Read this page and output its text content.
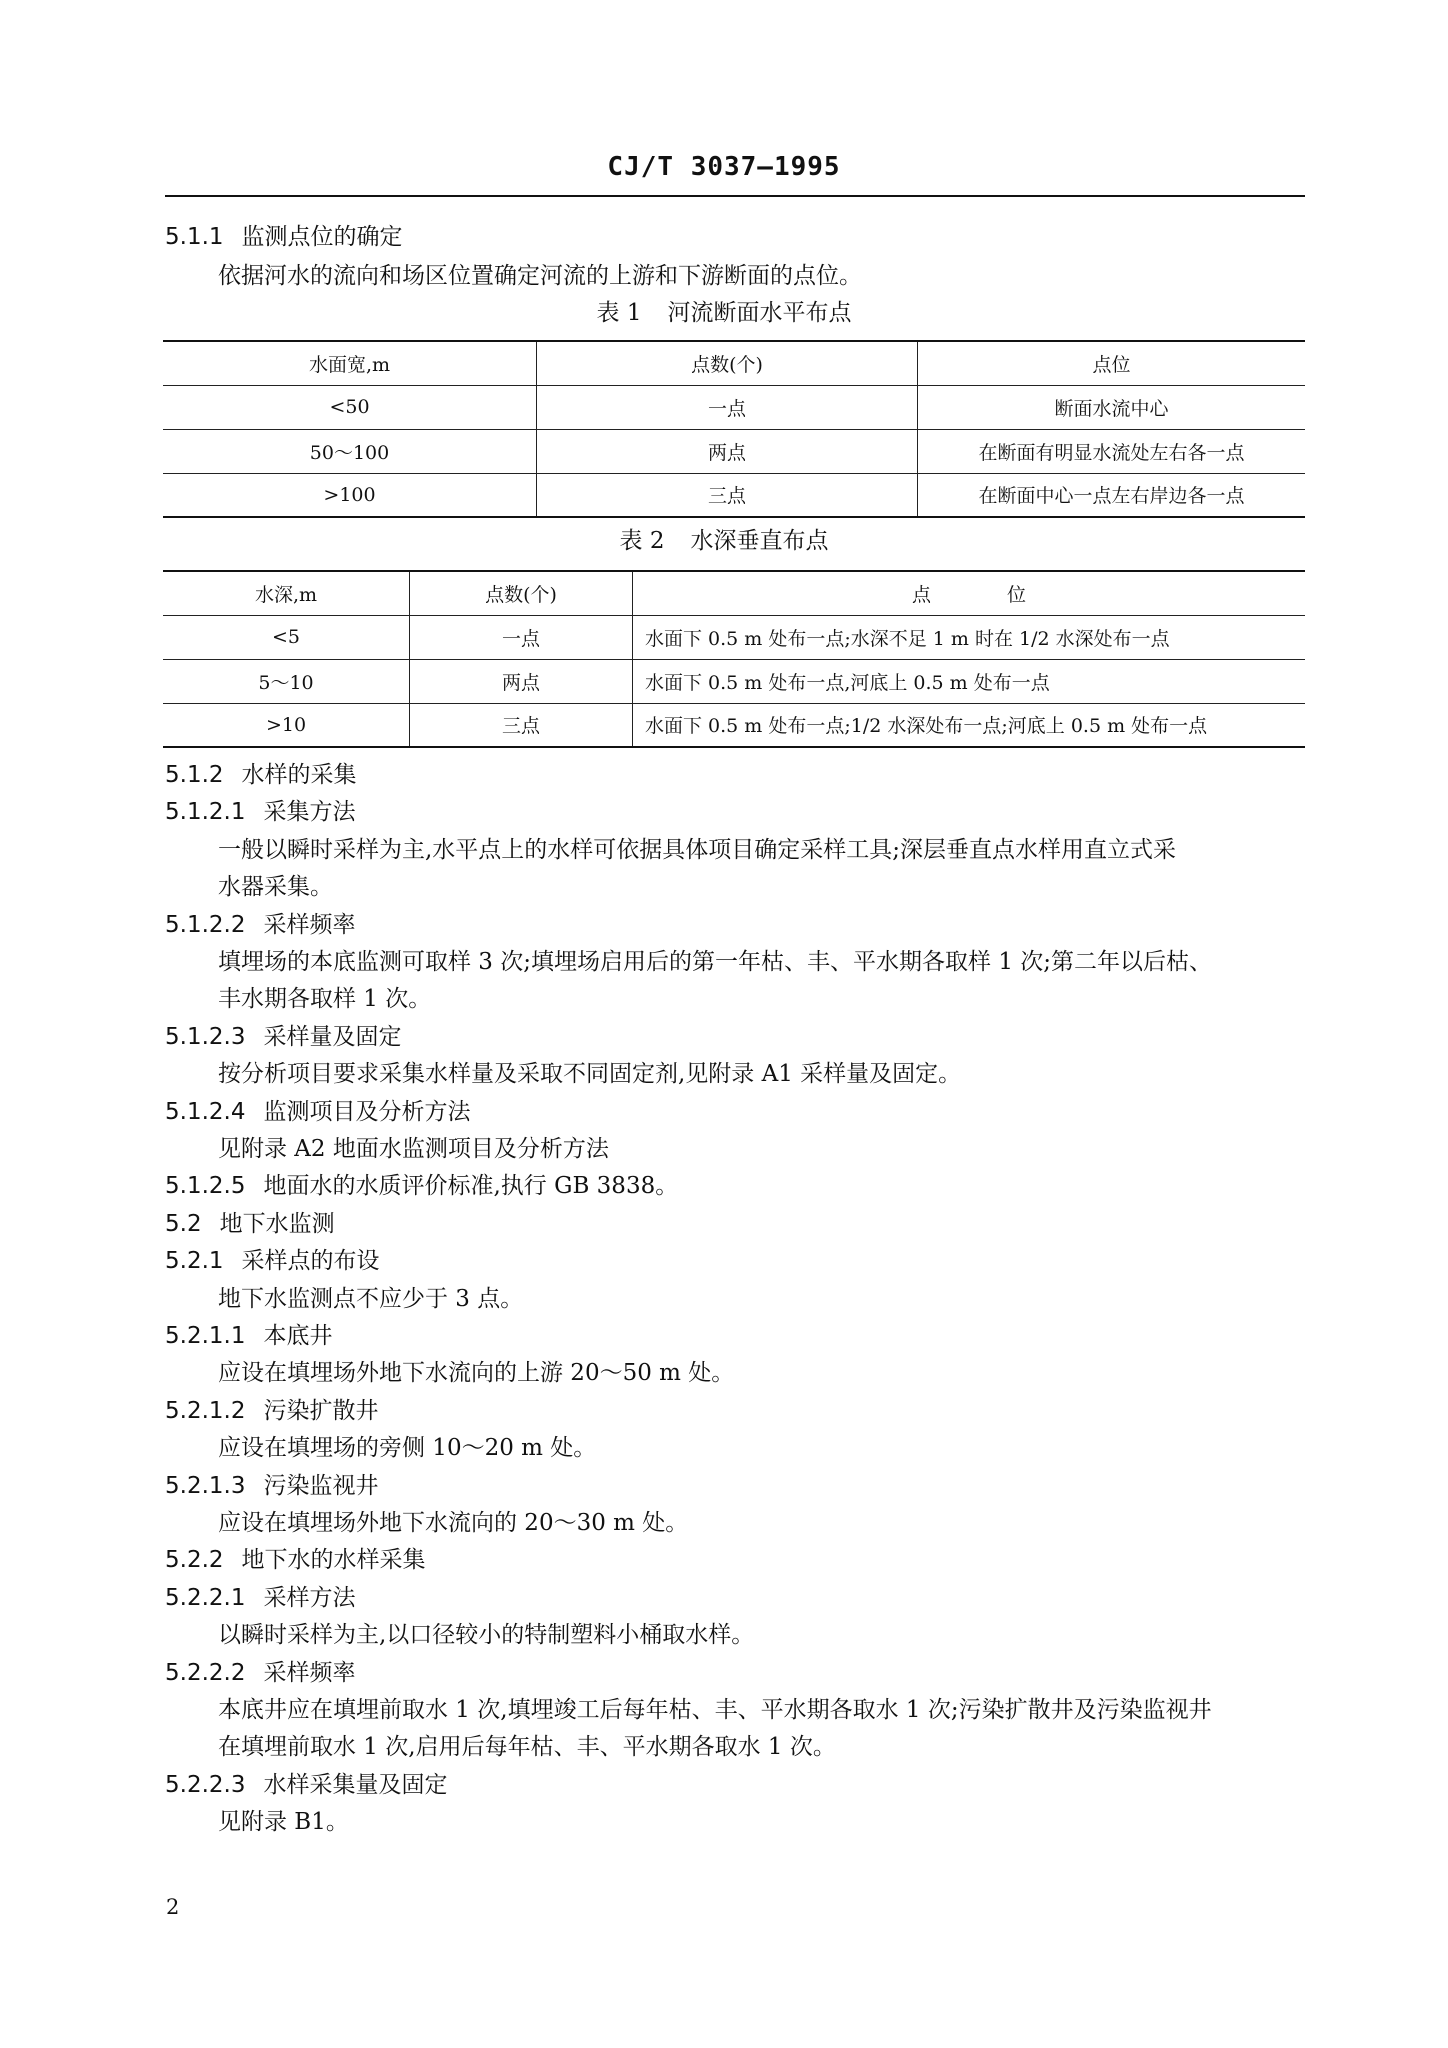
CJ/T 3037—1995
5.1.1 监测点位的确定
依据河水的流向和场区位置确定河流的上游和下游断面的点位。
表 1 河流断面水平布点
水面宽,m	点数(个)	点位
<50	一点	断面水流中心
50～100	两点	在断面有明显水流处左右各一点
>100	三点	在断面中心一点左右岸边各一点
表 2 水深垂直布点
水深,m	点数(个)	点　　　　位
<5	一点	水面下 0.5 m 处布一点;水深不足 1 m 时在 1/2 水深处布一点
5～10	两点	水面下 0.5 m 处布一点,河底上 0.5 m 处布一点
>10	三点	水面下 0.5 m 处布一点;1/2 水深处布一点;河底上 0.5 m 处布一点
5.1.2 水样的采集
5.1.2.1 采集方法
一般以瞬时采样为主,水平点上的水样可依据具体项目确定采样工具;深层垂直点水样用直立式采
水器采集。
5.1.2.2 采样频率
填埋场的本底监测可取样 3 次;填埋场启用后的第一年枯、丰、平水期各取样 1 次;第二年以后枯、
丰水期各取样 1 次。
5.1.2.3 采样量及固定
按分析项目要求采集水样量及采取不同固定剂,见附录 A1 采样量及固定。
5.1.2.4 监测项目及分析方法
见附录 A2 地面水监测项目及分析方法
5.1.2.5 地面水的水质评价标准,执行 GB 3838。
5.2 地下水监测
5.2.1 采样点的布设
地下水监测点不应少于 3 点。
5.2.1.1 本底井
应设在填埋场外地下水流向的上游 20～50 m 处。
5.2.1.2 污染扩散井
应设在填埋场的旁侧 10～20 m 处。
5.2.1.3 污染监视井
应设在填埋场外地下水流向的 20～30 m 处。
5.2.2 地下水的水样采集
5.2.2.1 采样方法
以瞬时采样为主,以口径较小的特制塑料小桶取水样。
5.2.2.2 采样频率
本底井应在填埋前取水 1 次,填埋竣工后每年枯、丰、平水期各取水 1 次;污染扩散井及污染监视井
在填埋前取水 1 次,启用后每年枯、丰、平水期各取水 1 次。
5.2.2.3 水样采集量及固定
见附录 B1。
2
